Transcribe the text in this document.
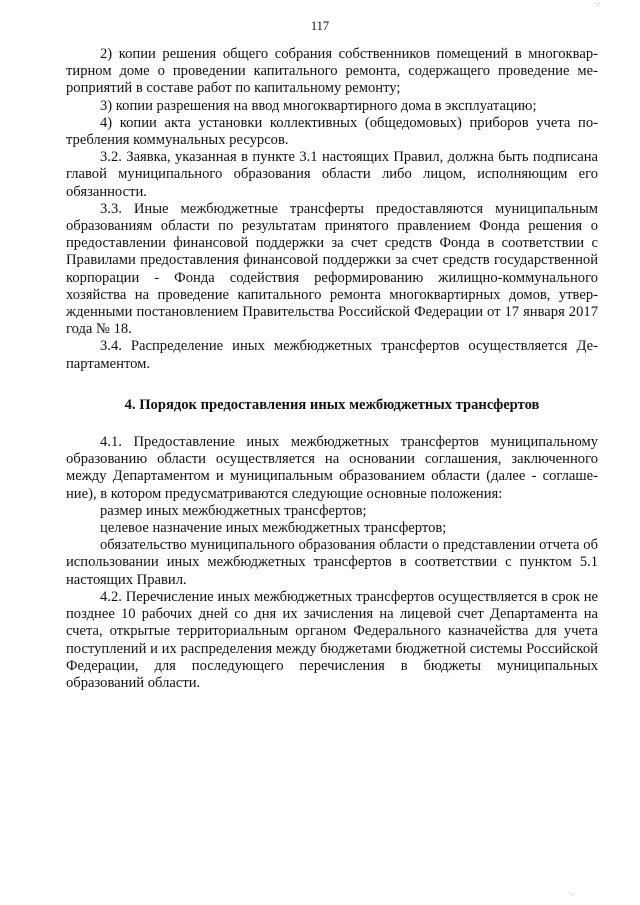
·.·
117

2) копии решения общего собрания собственников помещений в многоквартирном доме о проведении капитального ремонта, содержащего проведение мероприятий в составе работ по капитальному ремонту;

3) копии разрешения на ввод многоквартирного дома в эксплуатацию;

4) копии акта установки коллективных (общедомовых) приборов учета потребления коммунальных ресурсов.

3.2. Заявка, указанная в пункте 3.1 настоящих Правил, должна быть подписана главой муниципального образования области либо лицом, исполняющим его обязанности.

3.3. Иные межбюджетные трансферты предоставляются муниципальным образованиям области по результатам принятого правлением Фонда решения о предоставлении финансовой поддержки за счет средств Фонда в соответствии с Правилами предоставления финансовой поддержки за счет средств государственной корпорации - Фонда содействия реформированию жилищно-коммунального хозяйства на проведение капитального ремонта многоквартирных домов, утвержденными постановлением Правительства Российской Федерации от 17 января 2017 года № 18.

3.4. Распределение иных межбюджетных трансфертов осуществляется Департаментом.

4. Порядок предоставления иных межбюджетных трансфертов

4.1. Предоставление иных межбюджетных трансфертов муниципальному образованию области осуществляется на основании соглашения, заключенного между Департаментом и муниципальным образованием области (далее - соглашение), в котором предусматриваются следующие основные положения:

размер иных межбюджетных трансфертов;

целевое назначение иных межбюджетных трансфертов;

обязательство муниципального образования области о представлении отчета об использовании иных межбюджетных трансфертов в соответствии с пунктом 5.1 настоящих Правил.

4.2. Перечисление иных межбюджетных трансфертов осуществляется в срок не позднее 10 рабочих дней со дня их зачисления на лицевой счет Департамента на счета, открытые территориальным органом Федерального казначейства для учета поступлений и их распределения между бюджетами бюджетной системы Российской Федерации, для последующего перечисления в бюджеты муниципальных образований области.

·.
